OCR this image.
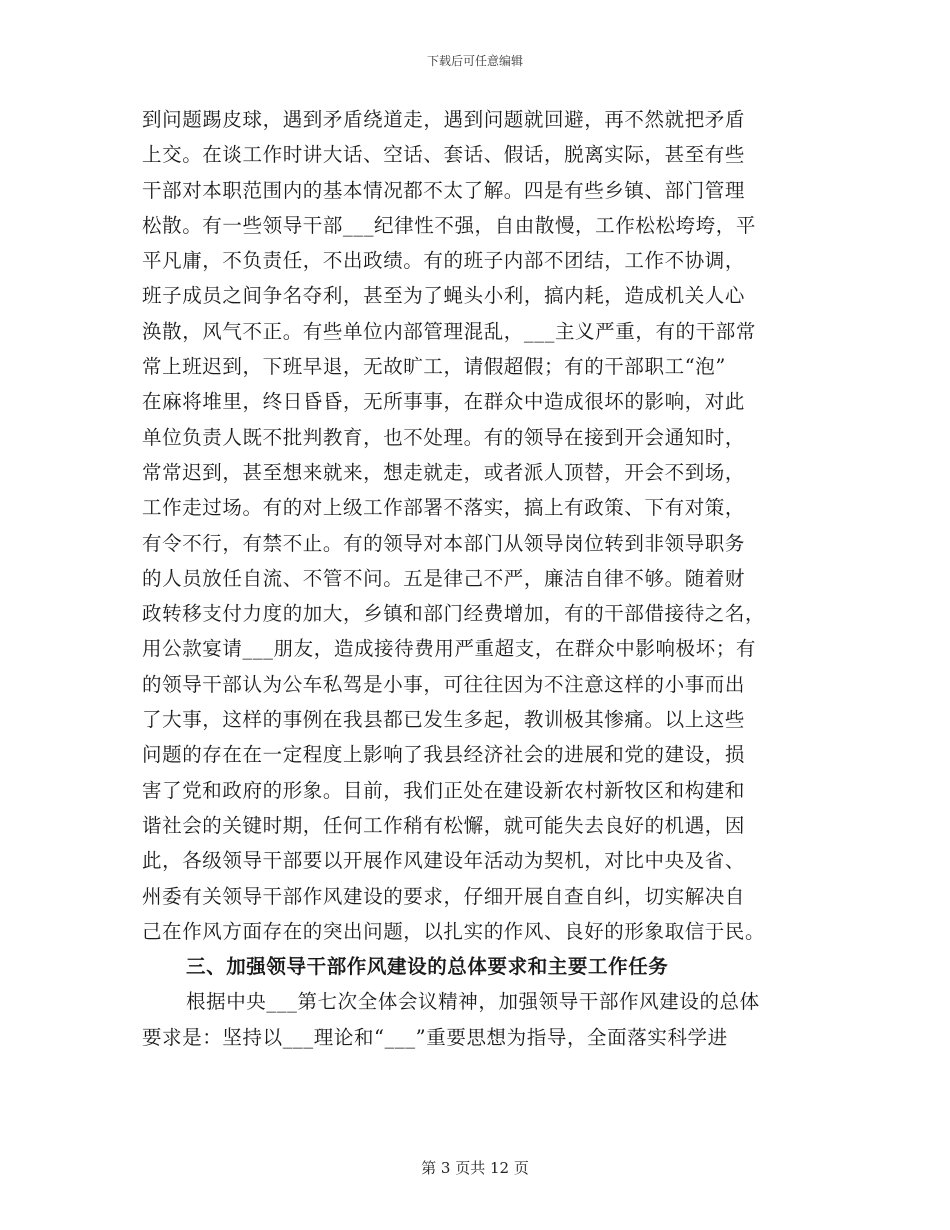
下载后可任意编辑
到问题踢皮球，遇到矛盾绕道走，遇到问题就回避，再不然就把矛盾
上交。在谈工作时讲大话、空话、套话、假话，脱离实际，甚至有些
干部对本职范围内的基本情况都不太了解。四是有些乡镇、部门管理
松散。有一些领导干部___纪律性不强，自由散慢，工作松松垮垮，平
平凡庸，不负责任，不出政绩。有的班子内部不团结，工作不协调，
班子成员之间争名夺利，甚至为了蝇头小利，搞内耗，造成机关人心
涣散，风气不正。有些单位内部管理混乱，___主义严重，有的干部常
常上班迟到，下班早退，无故旷工，请假超假；有的干部职工“泡”
在麻将堆里，终日昏昏，无所事事，在群众中造成很坏的影响，对此
单位负责人既不批判教育，也不处理。有的领导在接到开会通知时，
常常迟到，甚至想来就来，想走就走，或者派人顶替，开会不到场，
工作走过场。有的对上级工作部署不落实，搞上有政策、下有对策，
有令不行，有禁不止。有的领导对本部门从领导岗位转到非领导职务
的人员放任自流、不管不问。五是律己不严，廉洁自律不够。随着财
政转移支付力度的加大，乡镇和部门经费增加，有的干部借接待之名，
用公款宴请___朋友，造成接待费用严重超支，在群众中影响极坏；有
的领导干部认为公车私驾是小事，可往往因为不注意这样的小事而出
了大事，这样的事例在我县都已发生多起，教训极其惨痛。以上这些
问题的存在在一定程度上影响了我县经济社会的进展和党的建设，损
害了党和政府的形象。目前，我们正处在建设新农村新牧区和构建和
谐社会的关键时期，任何工作稍有松懈，就可能失去良好的机遇，因
此，各级领导干部要以开展作风建设年活动为契机，对比中央及省、
州委有关领导干部作风建设的要求，仔细开展自查自纠，切实解决自
己在作风方面存在的突出问题，以扎实的作风、良好的形象取信于民。
三、加强领导干部作风建设的总体要求和主要工作任务
根据中央___第七次全体会议精神，加强领导干部作风建设的总体
要求是：坚持以___理论和“___”重要思想为指导，全面落实科学进
第 3 页共 12 页
